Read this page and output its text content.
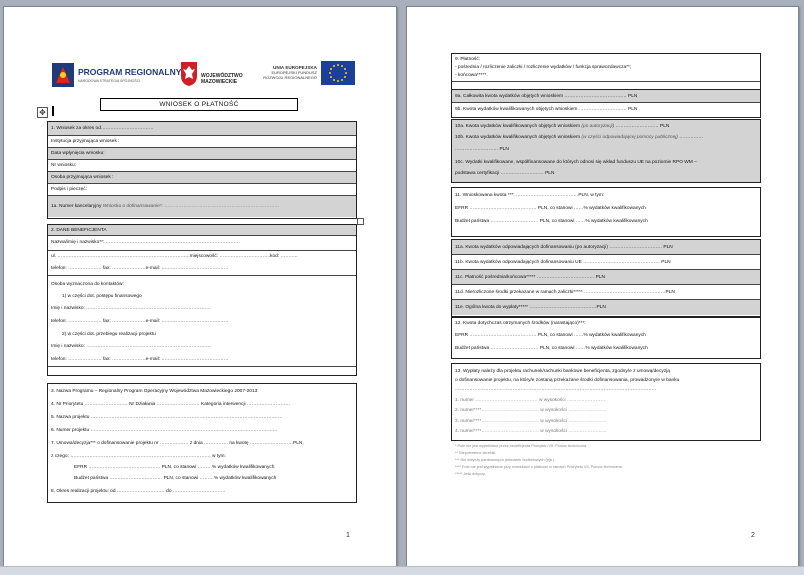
PROGRAM REGIONALNY
NARODOWA STRATEGIA SPÓJNOŚCI
WOJEWÓDZTWO
MAZOWIECKIE
UNIA EUROPEJSKA
EUROPEJSKI FUNDUSZ
ROZWOJU REGIONALNEGO
✥
WNIOSEK O PŁATNOŚĆ
1. Wniosek za okres od……………………………
Instytucja przyjmująca wniosek :
Data wpłynięcia wniosku:
Nr wniosku:
Osoba przyjmująca wniosek :
Podpis i pieczęć:
1a. Numer kancelaryjny Wniosku o dofinansowanie*: ………………………………………………………………
2. DANE BENEFICJENTA
Nazwa/imię i nazwisko**: …………………………………………………………………………
ul. ………………………………………………………………………..miejscowość: …………………………..kod: ………..
telefon: ………………… fax: …………………e-mail: ……………………………………
Osoba wyznaczona do kontaktów:
1) w części dot. postępu finansowego
Imię i nazwisko: ……………………………………………………………………
telefon: ………………… fax: …………………e-mail: ……………………………………
2) w części dot. przebiegu realizacji projektu
Imię i nazwisko: ……………………………………………………………………
telefon: ………………… fax: …………………e-mail: ……………………………………
3. Nazwa Programu – Regionalny Program Operacyjny Województwa Mazowieckiego 2007-2013
4. Nr Priorytetu ……………………… Nr Działania ……………………… Kategoria interwencji ………………………
5. Nazwa projektu …………………………………………………………………………………………………………
6. Numer projektu ………………………………………………………………………………………………………
7. Umowa/decyzja*** o dofinansowanie projektu nr ……………… z dnia …………… na kwotę ………………………PLN,
z czego: ……………………………………………………………………………, w tym:
EFRR ……………………………………… PLN, co stanowi ………% wydatków kwalifikowanych
Budżet państwa …………………………… PLN, co stanowi ………% wydatków kwalifikowanych
8. Okres realizacji projektu: od ………………………… do ……………………………
1
9. Płatność:
- pośrednia / rozliczenie zaliczki / rozliczenie wydatków / funkcja sprawozdawcza**;
- końcowa*****.
9a. Całkowita kwota wydatków objętych wnioskiem ………………………………… PLN
9b. Kwota wydatków kwalifikowanych objętych wnioskiem ………………………… PLN
10a. Kwota wydatków kwalifikowanych objętych wnioskiem (po autoryzacji) ……………………… PLN
10b. Kwota wydatków kwalifikowanych objętych wnioskiem (w części odpowiadającej pomocy publicznej) ……………
……………………… PLN
10c. Wydatki kwalifikowane, współfinansowane do których odnosi się wkład funduszu UE na poziomie RPO WM –
podstawa certyfikacji ……………………… PLN
11. Wnioskowana kwota ***: …………………………………PLN, w tym:
EFRR …………………………………… PLN, co stanowi ……% wydatków kwalifikowanych
Budżet państwa ………………………… PLN, co stanowi ……% wydatków kwalifikowanych
11a. Kwota wydatków odpowiadających dofinansowaniu (po autoryzacji) …………………………… PLN
11b. Kwota wydatków odpowiadających dofinansowaniu UE ………………………………………… PLN
11c. Płatność pośrednia/końcowa***** ……………………………… PLN
11d. Nierozliczone środki przekazane w ramach zaliczki***** ……………………………………………PLN
11e. Ogólna kwota do wypłaty***** ……………………………………PLN
12. Kwota dotychczas otrzymanych środków (narastająco)***:
EFRR …………………………………… PLN, co stanowi ……% wydatków kwalifikowanych
Budżet państwa ………………………… PLN, co stanowi ……% wydatków kwalifikowanych
13. Wypłaty należy dla projektu rachunek/rachunki bankowe beneficjenta, zgodny/e z umową/decyzją
o dofinansowanie projektu, na który/e zostaną przekazane środki dofinansowania, prowadzony/e w banku
………………………………………………………………………………………………………………
1. numer ………………………………… w wysokości ……………………
2. numer****……………………………… w wysokości ……………………
3. numer****……………………………… w wysokości ……………………
4. numer****……………………………… w wysokości ……………………
* Pole nie jest wypełniane przez beneficjenta Priorytetu VII. Pomoc techniczna.
** Niepotrzebne skreślić.
*** Nie dotyczy państwowych jednostek budżetowych (pjb.).
**** Pole nie jest wypełniane przy wnioskach o płatność w ramach Priorytetu VII. Pomoc techniczna.
***** Jeśli dotyczy.
2
